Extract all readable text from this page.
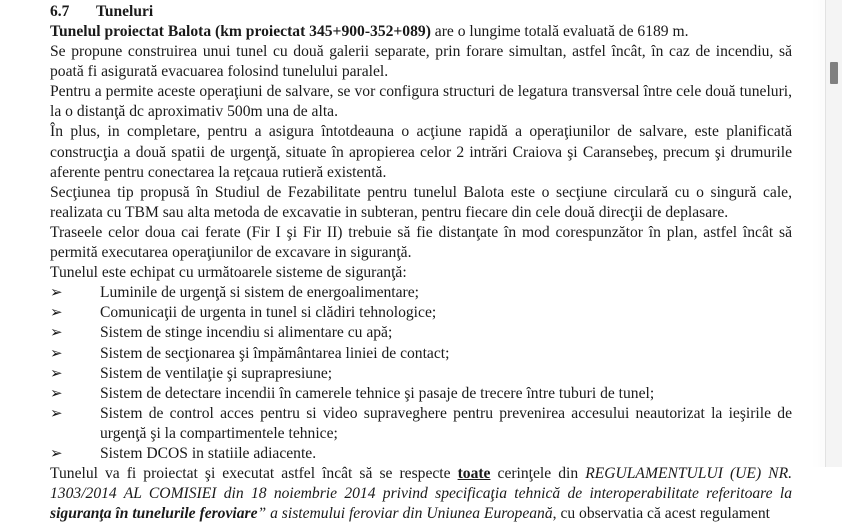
6.7 Tuneluri

Tunelul proiectat Balota (km proiectat 345+900-352+089) are o lungime totală evaluată de 6189 m.

Se propune construirea unui tunel cu două galerii separate, prin forare simultan, astfel încât, în caz de incendiu, să poată fi asigurată evacuarea folosind tunelului paralel.

Pentru a permite aceste operaţiuni de salvare, se vor configura structuri de legatura transversal între cele două tuneluri, la o distanţă dc aproximativ 500m una de alta.

În plus, in completare, pentru a asigura întotdeauna o acţiune rapidă a operaţiunilor de salvare, este planificată construcţia a două spatii de urgenţă, situate în apropierea celor 2 intrări Craiova şi Caransebeş, precum şi drumurile aferente pentru conectarea la reţcaua rutieră existentă.

Secţiunea tip propusă în Studiul de Fezabilitate pentru tunelul Balota este o secţiune circulară cu o singură cale, realizata cu TBM sau alta metoda de excavatie in subteran, pentru fiecare din cele două direcţii de deplasare.

Traseele celor doua cai ferate (Fir I şi Fir II) trebuie să fie distanţate în mod corespunzător în plan, astfel încât să permită executarea operaţiunilor de excavare in siguranţă.

Tunelul este echipat cu următoarele sisteme de siguranţă:

➢	Luminile de urgenţă si sistem de energoalimentare;
➢	Comunicaţii de urgenta in tunel si clădiri tehnologice;
➢	Sistem de stinge incendiu si alimentare cu apă;
➢	Sistem de secţionarea şi împământarea liniei de contact;
➢	Sistem de ventilaţie şi suprapresiune;
➢	Sistem de detectare incendii în camerele tehnice şi pasaje de trecere între tuburi de tunel;
➢	Sistem de control acces pentru si video supraveghere pentru prevenirea accesului neautorizat la ieşirile de urgenţă şi la compartimentele tehnice;
➢	Sistem DCOS in statiile adiacente.

Tunelul va fi proiectat şi executat astfel încât să se respecte toate cerinţele din REGULAMENTULUI (UE) NR. 1303/2014 AL COMISIEI din 18 noiembrie 2014 privind specificaţia tehnică de interoperabilitate referitoare la siguranţa în tunelurile feroviare” a sistemului feroviar din Uniunea Europeană, cu observatia că acest regulament
